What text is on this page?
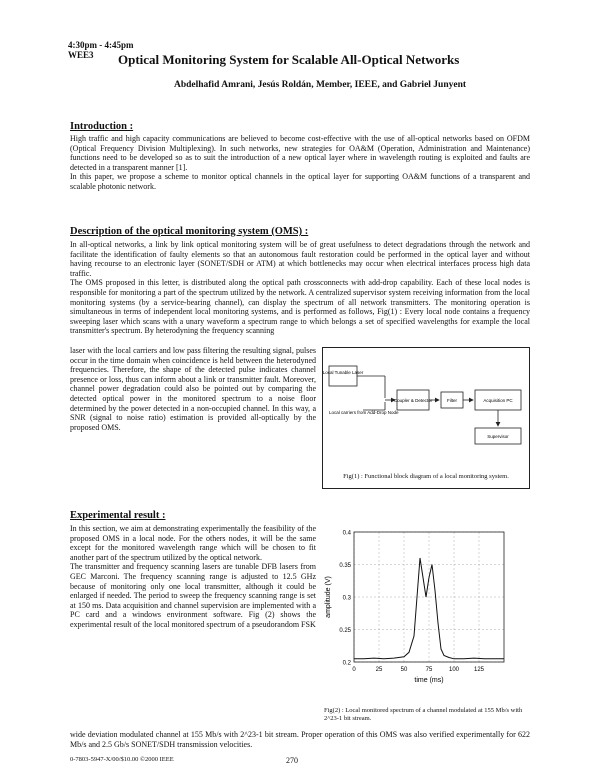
4:30pm - 4:45pm
WEE3	Optical Monitoring System for Scalable All-Optical Networks
Abdelhafid Amrani, Jesús Roldán, Member, IEEE, and Gabriel Junyent
Introduction :

High traffic and high capacity communications are believed to become cost-effective with the use of all-optical networks based on OFDM (Optical Frequency Division Multiplexing). In such networks, new strategies for OA&M (Operation, Administration and Maintenance) functions need to be developed so as to suit the introduction of a new optical layer where in wavelength routing is exploited and faults are detected in a transparent manner [1].

In this paper, we propose a scheme to monitor optical channels in the optical layer for supporting OA&M functions of a transparent and scalable photonic network.

Description of the optical monitoring system (OMS) :

In all-optical networks, a link by link optical monitoring system will be of great usefulness to detect degradations through the network and facilitate the identification of faulty elements so that an autonomous fault restoration could be performed in the optical layer and without having recourse to an electronic layer (SONET/SDH or ATM) at which bottlenecks may occur when electrical interfaces process high data traffic.

The OMS proposed in this letter, is distributed along the optical path crossconnects with add-drop capability. Each of these local nodes is responsible for monitoring a part of the spectrum utilized by the network. A centralized supervisor system receiving information from the local monitoring systems (by a service-bearing channel), can display the spectrum of all network transmitters. The monitoring operation is simultaneous in terms of independent local monitoring systems, and is performed as follows, Fig(1) : Every local node contains a frequency sweeping laser which scans with a unary waveform a spectrum range to which belongs a set of specified wavelengths for example the local transmitter's spectrum. By heterodyning the frequency scanning

laser with the local carriers and low pass filtering the resulting signal, pulses occur in the time domain when coincidence is held between the heterodyned frequencies. Therefore, the shape of the detected pulse indicates channel presence or loss, thus can inform about a link or transmitter fault. Moreover, channel power degradation could also be pointed out by comparing the detected optical power in the monitored spectrum to a noise floor determined by the power detected in a non-occupied channel. In this way, a SNR (signal to noise ratio) estimation is provided all-optically by the proposed OMS.

Local Tunable Laser
Local carriers from Add-Drop Node
Coupler & Detector	Filter	Acquisition PC
Supervisor
Fig(1) : Functional block diagram of a local monitoring system.
Experimental result :

In this section, we aim at demonstrating experimentally the feasibility of the proposed OMS in a local node. For the others nodes, it will be the same except for the monitored wavelength range which will be chosen to fit another part of the spectrum utilized by the optical network.

The transmitter and frequency scanning lasers are tunable DFB lasers from GEC Marconi. The frequency scanning range is adjusted to 12.5 GHz because of monitoring only one local transmitter, although it could be enlarged if needed. The period to sweep the frequency scanning range is set at 150 ms. Data acquisition and channel supervision are implemented with a PC card and a windows environment software. Fig (2) shows the experimental result of the local monitored spectrum of a pseudorandom FSK

wide deviation modulated channel at 155 Mb/s with 2^23-1 bit stream. Proper operation of this OMS was also verified experimentally for 622 Mb/s and 2.5 Gb/s SONET/SDH transmission velocities.

0.2
0.25
0.3
0.35
0.4
0	25	50	75	100 125
amplitude (V)
time (ms)
Fig(2) : Local monitored spectrum of a channel modulated at 155 Mb/s with 2^23-1 bit stream.
0-7803-5947-X/00/$10.00 ©2000 IEEE	270
